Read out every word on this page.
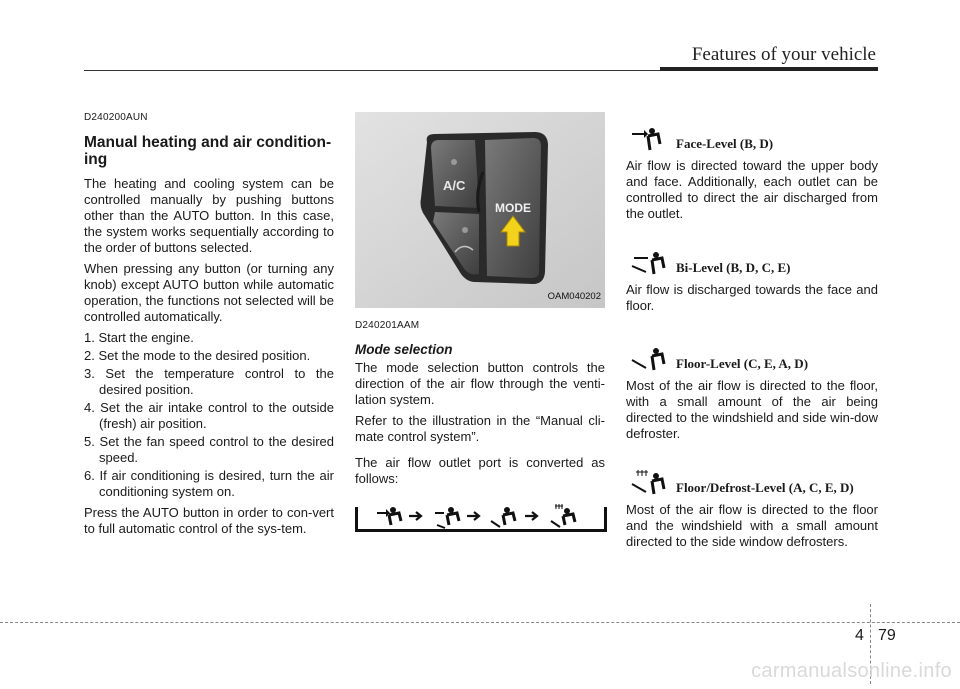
Features of your vehicle
D240200AUN
Manual heating and air condition-ing

The heating and cooling system can be controlled manually by pushing buttons other than the AUTO button. In this case, the system works sequentially according to the order of buttons selected.

When pressing any button (or turning any knob) except AUTO button while automatic operation, the functions not selected will be controlled automatically.

1. Start the engine.
2. Set the mode to the desired position.
3. Set the temperature control to the desired position.
4. Set the air intake control to the outside (fresh) air position.
5. Set the fan speed control to the desired speed.
6. If air conditioning is desired, turn the air conditioning system on.

Press the AUTO button in order to con-vert to full automatic control of the sys-tem.

A/C
MODE
OAM040202
D240201AAM
Mode selection

The mode selection button controls the direction of the air flow through the venti-lation system.

Refer to the illustration in the “Manual cli-mate control system”.

The air flow outlet port is converted as follows:

Face-Level (B, D)

Air flow is directed toward the upper body and face. Additionally, each outlet can be controlled to direct the air discharged from the outlet.

Bi-Level (B, D, C, E)

Air flow is discharged towards the face and floor.

Floor-Level (C, E, A, D)

Most of the air flow is directed to the floor, with a small amount of the air being directed to the windshield and side win-dow defroster.

Floor/Defrost-Level (A, C, E, D)

Most of the air flow is directed to the floor and the windshield with a small amount directed to the side window defrosters.

4 79
carmanualsonline.info
